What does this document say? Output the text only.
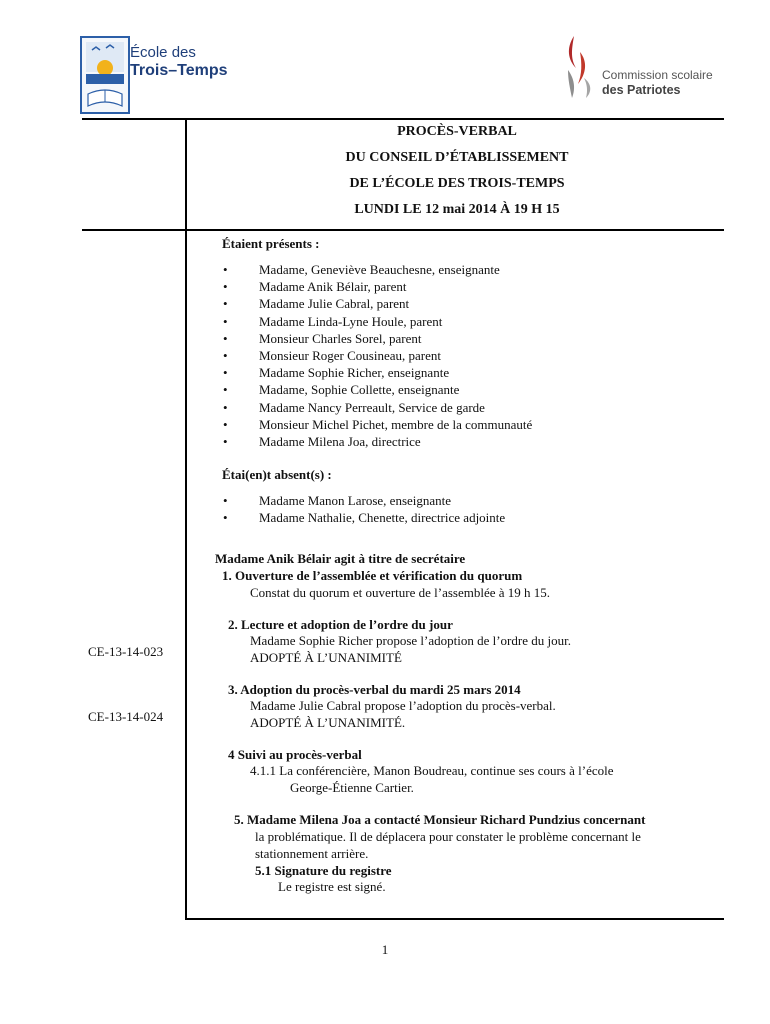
École des
Trois–Temps	Commission scolaire
des Patriotes
PROCÈS-VERBAL
DU CONSEIL D’ÉTABLISSEMENT
DE L’ÉCOLE DES TROIS-TEMPS
LUNDI LE 12 mai 2014 À 19 H 15
Étaient présents :
• Madame, Geneviève Beauchesne, enseignante
• Madame Anik Bélair, parent
• Madame Julie Cabral, parent
• Madame Linda-Lyne Houle, parent
• Monsieur Charles Sorel, parent
• Monsieur Roger Cousineau, parent
• Madame Sophie Richer, enseignante
• Madame, Sophie Collette, enseignante
• Madame Nancy Perreault, Service de garde
• Monsieur Michel Pichet, membre de la communauté
• Madame Milena Joa, directrice
Étai(en)t absent(s) :
• Madame Manon Larose, enseignante
• Madame Nathalie, Chenette, directrice adjointe
Madame Anik Bélair agit à titre de secrétaire
1. Ouverture de l’assemblée et vérification du quorum
Constat du quorum et ouverture de l’assemblée à 19 h 15.
2. Lecture et adoption de l’ordre du jour
Madame Sophie Richer propose l’adoption de l’ordre du jour.
ADOPTÉ À L’UNANIMITÉ
CE-13-14-023
3. Adoption du procès-verbal du mardi 25 mars 2014
Madame Julie Cabral propose l’adoption du procès-verbal.
ADOPTÉ À L’UNANIMITÉ.
CE-13-14-024
4 Suivi au procès-verbal
4.1.1 La conférencière, Manon Boudreau, continue ses cours à l’école
George-Étienne Cartier.
5. Madame Milena Joa a contacté Monsieur Richard Pundzius concernant
la problématique. Il de déplacera pour constater le problème concernant le
stationnement arrière.
5.1 Signature du registre
Le registre est signé.
1
